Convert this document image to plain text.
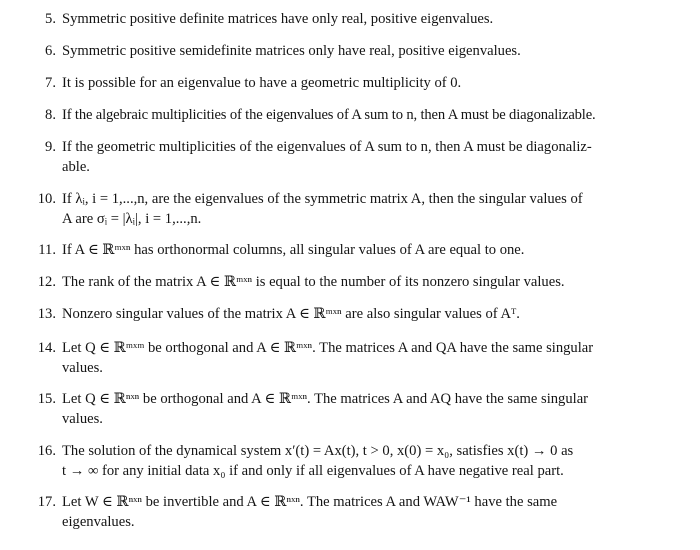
5. Symmetric positive definite matrices have only real, positive eigenvalues.
6. Symmetric positive semidefinite matrices only have real, positive eigenvalues.
7. It is possible for an eigenvalue to have a geometric multiplicity of 0.
8. If the algebraic multiplicities of the eigenvalues of A sum to n, then A must be diagonalizable.
9. If the geometric multiplicities of the eigenvalues of A sum to n, then A must be diagonaliz-
able.
10. If λᵢ, i = 1,...,n, are the eigenvalues of the symmetric matrix A, then the singular values of
A are σᵢ = |λᵢ|, i = 1,...,n.
11. If A ∈ ℝᵐˣⁿ has orthonormal columns, all singular values of A are equal to one.
12. The rank of the matrix A ∈ ℝᵐˣⁿ is equal to the number of its nonzero singular values.
13. Nonzero singular values of the matrix A ∈ ℝᵐˣⁿ are also singular values of Aᵀ.
14. Let Q ∈ ℝᵐˣᵐ be orthogonal and A ∈ ℝᵐˣⁿ. The matrices A and QA have the same singular
values.
15. Let Q ∈ ℝⁿˣⁿ be orthogonal and A ∈ ℝᵐˣⁿ. The matrices A and AQ have the same singular
values.
16. The solution of the dynamical system x′(t) = Ax(t), t > 0, x(0) = x₀, satisfies x(t) → 0 as
t → ∞ for any initial data x₀ if and only if all eigenvalues of A have negative real part.
17. Let W ∈ ℝⁿˣⁿ be invertible and A ∈ ℝⁿˣⁿ. The matrices A and WAW⁻¹ have the same
eigenvalues.
